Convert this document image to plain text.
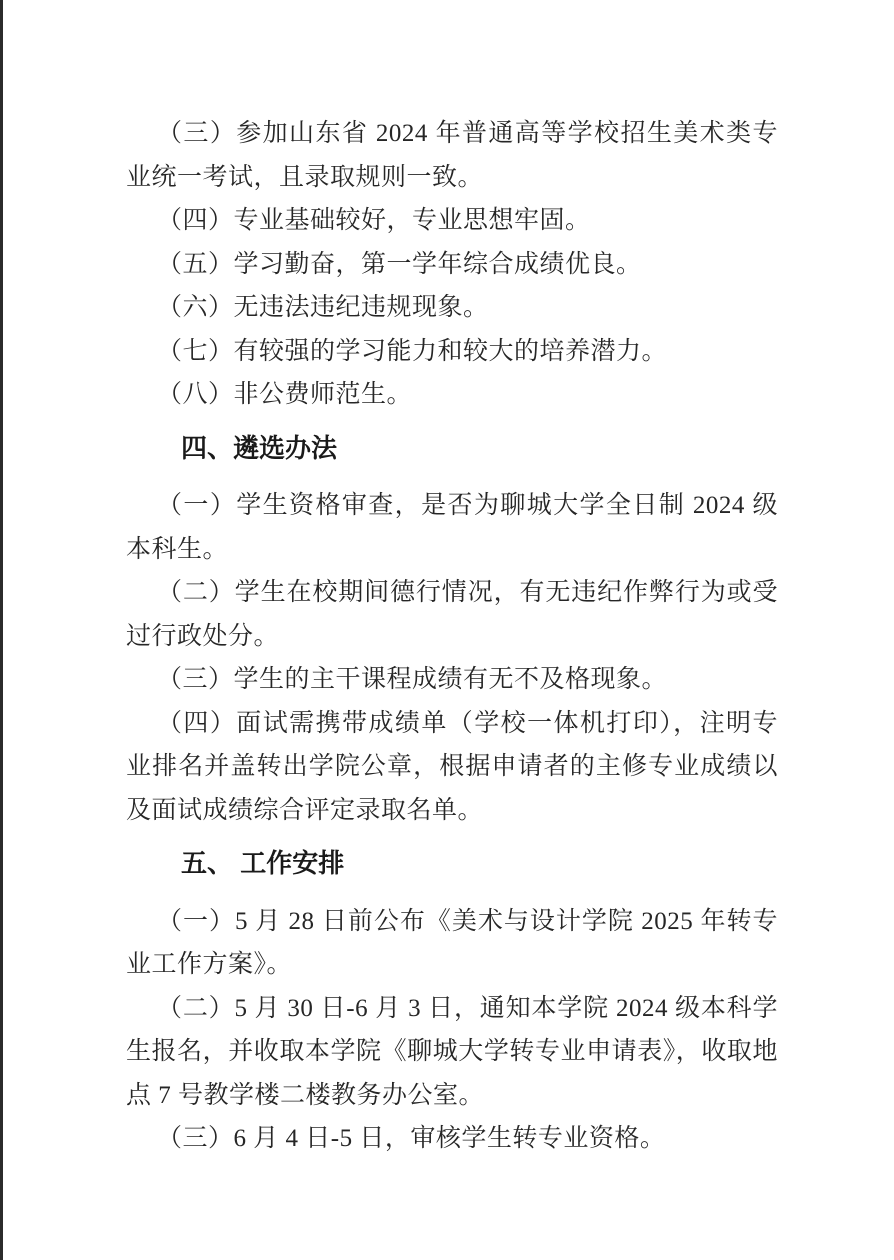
（三）参加山东省 2024 年普通高等学校招生美术类专业统一考试，且录取规则一致。

（四）专业基础较好，专业思想牢固。

（五）学习勤奋，第一学年综合成绩优良。

（六）无违法违纪违规现象。

（七）有较强的学习能力和较大的培养潜力。

（八）非公费师范生。

四、遴选办法

（一）学生资格审查，是否为聊城大学全日制 2024 级本科生。

（二）学生在校期间德行情况，有无违纪作弊行为或受过行政处分。

（三）学生的主干课程成绩有无不及格现象。

（四）面试需携带成绩单（学校一体机打印），注明专业排名并盖转出学院公章，根据申请者的主修专业成绩以及面试成绩综合评定录取名单。

五、 工作安排

（一）5 月 28 日前公布《美术与设计学院 2025 年转专业工作方案》。

（二）5 月 30 日-6 月 3 日，通知本学院 2024 级本科学生报名，并收取本学院《聊城大学转专业申请表》，收取地点 7 号教学楼二楼教务办公室。

（三）6 月 4 日-5 日，审核学生转专业资格。
